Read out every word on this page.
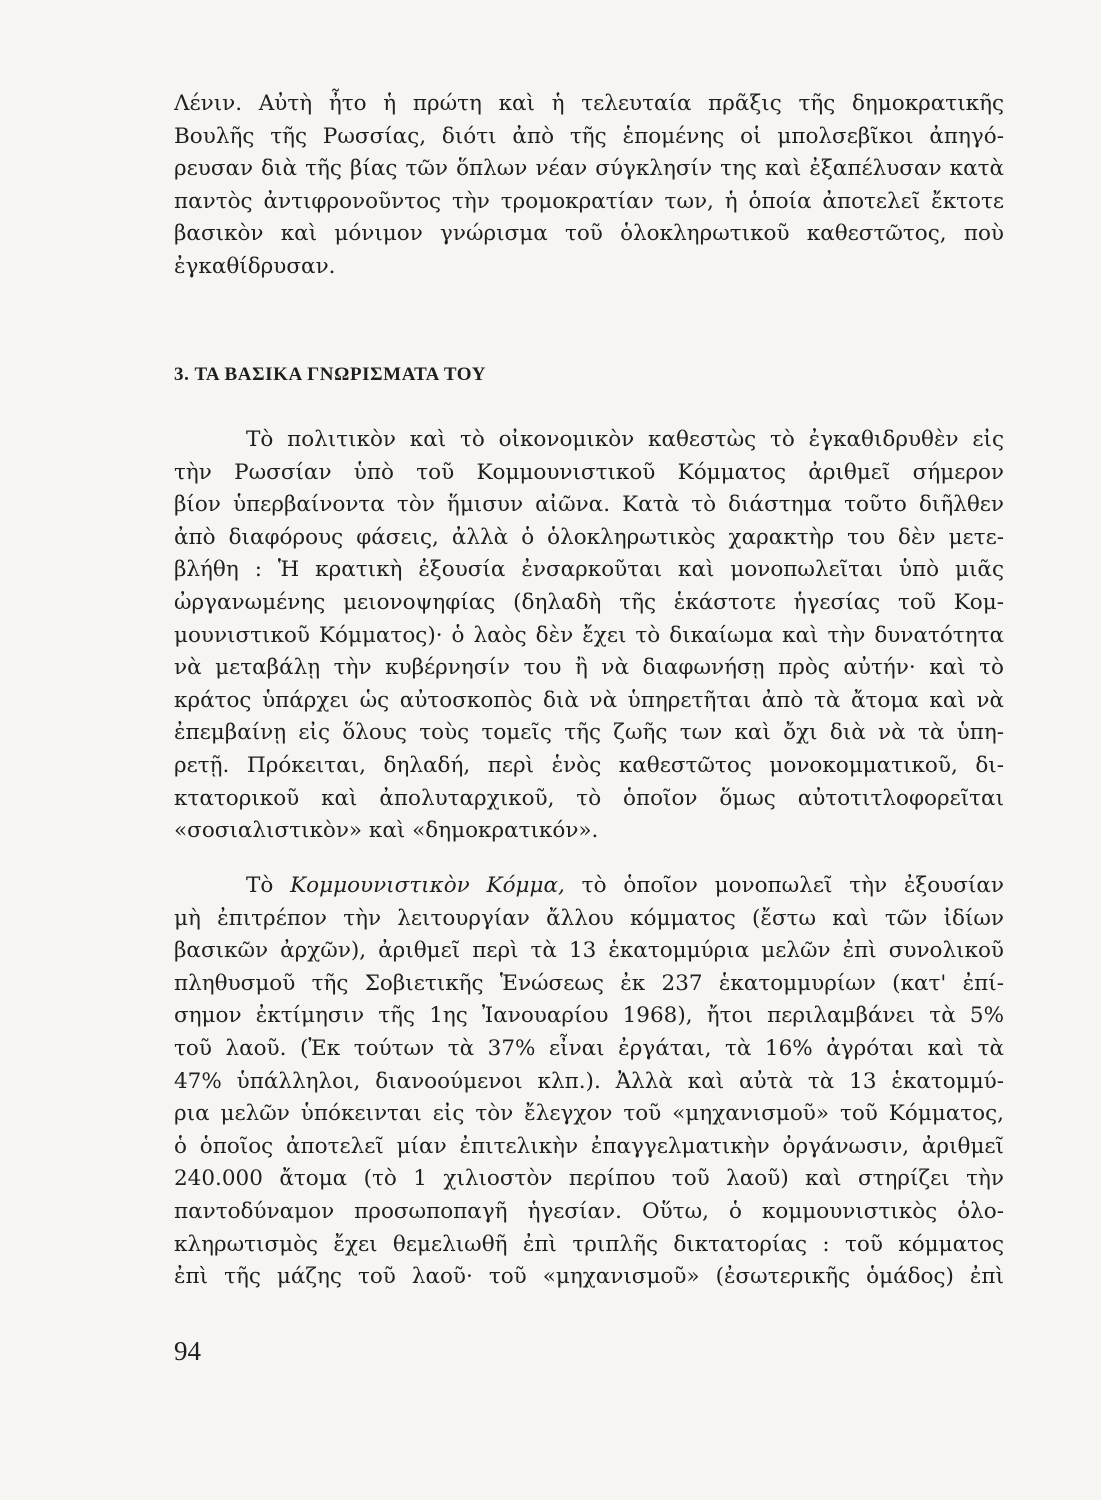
Λένιν. Αὐτὴ ἦτο ἡ πρώτη καὶ ἡ τελευταία πρᾶξις τῆς δημοκρατικῆς
Βουλῆς τῆς Ρωσσίας, διότι ἀπὸ τῆς ἑπομένης οἱ μπολσεβῖκοι ἀπηγό-
ρευσαν διὰ τῆς βίας τῶν ὅπλων νέαν σύγκλησίν της καὶ ἐξαπέλυσαν κατὰ
παντὸς ἀντιφρονοῦντος τὴν τρομοκρατίαν των, ἡ ὁποία ἀποτελεῖ ἔκτοτε
βασικὸν καὶ μόνιμον γνώρισμα τοῦ ὁλοκληρωτικοῦ καθεστῶτος, ποὺ
ἐγκαθίδρυσαν.

3. ΤΑ ΒΑΣΙΚΑ ΓΝΩΡΙΣΜΑΤΑ ΤΟΥ

Τὸ πολιτικὸν καὶ τὸ οἰκονομικὸν καθεστὼς τὸ ἐγκαθιδρυθὲν εἰς
τὴν Ρωσσίαν ὑπὸ τοῦ Κομμουνιστικοῦ Κόμματος ἀριθμεῖ σήμερον
βίον ὑπερβαίνοντα τὸν ἥμισυν αἰῶνα. Κατὰ τὸ διάστημα τοῦτο διῆλθεν
ἀπὸ διαφόρους φάσεις, ἀλλὰ ὁ ὁλοκληρωτικὸς χαρακτὴρ του δὲν μετε-
βλήθη : Ἡ κρατικὴ ἐξουσία ἐνσαρκοῦται καὶ μονοπωλεῖται ὑπὸ μιᾶς
ὠργανωμένης μειονοψηφίας (δηλαδὴ τῆς ἑκάστοτε ἡγεσίας τοῦ Κομ-
μουνιστικοῦ Κόμματος)· ὁ λαὸς δὲν ἔχει τὸ δικαίωμα καὶ τὴν δυνατότητα
νὰ μεταβάλῃ τὴν κυβέρνησίν του ἢ νὰ διαφωνήσῃ πρὸς αὐτήν· καὶ τὸ
κράτος ὑπάρχει ὡς αὐτοσκοπὸς διὰ νὰ ὑπηρετῆται ἀπὸ τὰ ἄτομα καὶ νὰ
ἐπεμβαίνῃ εἰς ὅλους τοὺς τομεῖς τῆς ζωῆς των καὶ ὄχι διὰ νὰ τὰ ὑπη-
ρετῇ. Πρόκειται, δηλαδή, περὶ ἑνὸς καθεστῶτος μονοκομματικοῦ, δι-
κτατορικοῦ καὶ ἀπολυταρχικοῦ, τὸ ὁποῖον ὅμως αὐτοτιτλοφορεῖται
«σοσιαλιστικὸν» καὶ «δημοκρατικόν».

Τὸ Κομμουνιστικὸν Κόμμα, τὸ ὁποῖον μονοπωλεῖ τὴν ἐξουσίαν
μὴ ἐπιτρέπον τὴν λειτουργίαν ἄλλου κόμματος (ἔστω καὶ τῶν ἰδίων
βασικῶν ἀρχῶν), ἀριθμεῖ περὶ τὰ 13 ἑκατομμύρια μελῶν ἐπὶ συνολικοῦ
πληθυσμοῦ τῆς Σοβιετικῆς Ἑνώσεως ἐκ 237 ἑκατομμυρίων (κατ' ἐπί-
σημον ἐκτίμησιν τῆς 1ης Ἰανουαρίου 1968), ἤτοι περιλαμβάνει τὰ 5%
τοῦ λαοῦ. (Ἐκ τούτων τὰ 37% εἶναι ἐργάται, τὰ 16% ἀγρόται καὶ τὰ
47% ὑπάλληλοι, διανοούμενοι κλπ.). Ἀλλὰ καὶ αὐτὰ τὰ 13 ἑκατομμύ-
ρια μελῶν ὑπόκεινται εἰς τὸν ἔλεγχον τοῦ «μηχανισμοῦ» τοῦ Κόμματος,
ὁ ὁποῖος ἀποτελεῖ μίαν ἐπιτελικὴν ἐπαγγελματικὴν ὀργάνωσιν, ἀριθμεῖ
240.000 ἄτομα (τὸ 1 χιλιοστὸν περίπου τοῦ λαοῦ) καὶ στηρίζει τὴν
παντοδύναμον προσωποπαγῆ ἡγεσίαν. Οὕτω, ὁ κομμουνιστικὸς ὁλο-
κληρωτισμὸς ἔχει θεμελιωθῆ ἐπὶ τριπλῆς δικτατορίας : τοῦ κόμματος
ἐπὶ τῆς μάζης τοῦ λαοῦ· τοῦ «μηχανισμοῦ» (ἐσωτερικῆς ὁμάδος) ἐπὶ

94
